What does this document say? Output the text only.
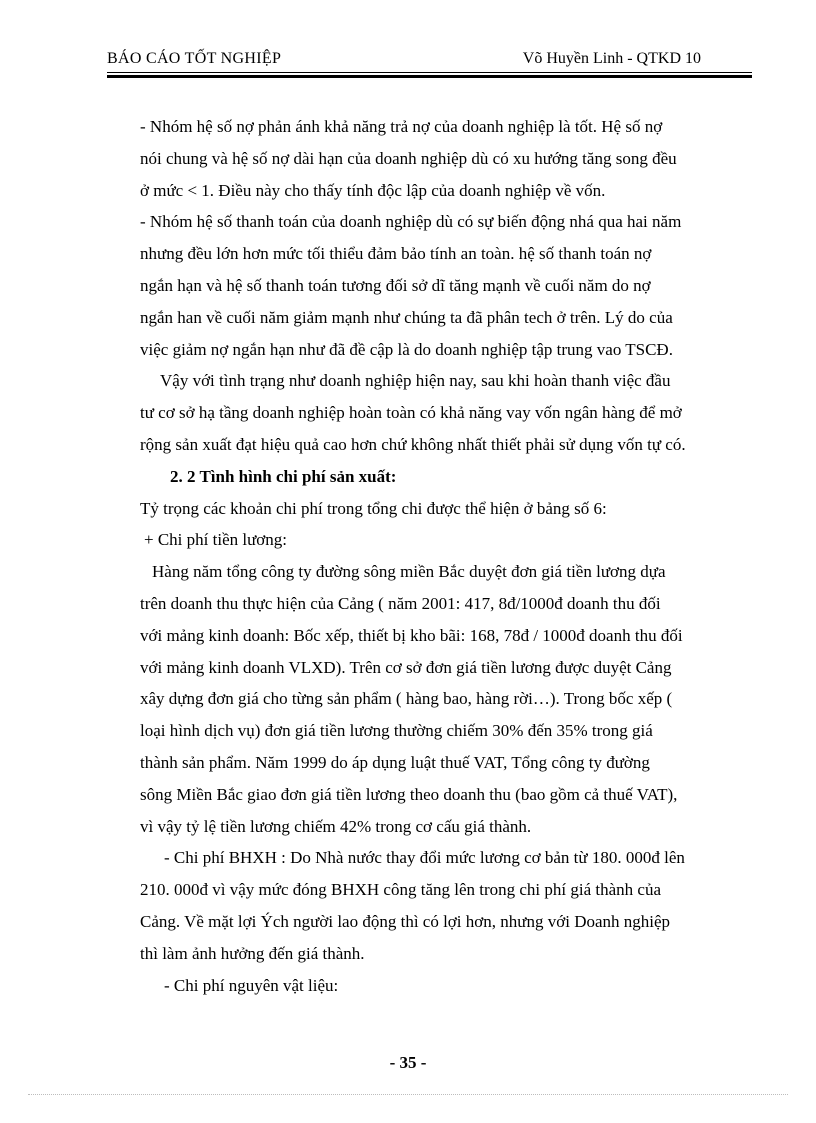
BÁO CÁO TỐT NGHIỆP	Võ Huyền Linh - QTKD 10
- Nhóm hệ số nợ phản ánh khả năng trả nợ của doanh nghiệp là tốt. Hệ số nợ
nói chung và hệ số nợ dài hạn của doanh nghiệp dù có xu hướng tăng song đều
ở mức < 1. Điều này cho thấy tính độc lập của doanh nghiệp về vốn.
- Nhóm hệ số thanh toán của doanh nghiệp dù có sự biến động nhá qua hai năm
nhưng đều lớn hơn mức tối thiểu đảm bảo tính an toàn. hệ số thanh toán nợ
ngắn hạn và hệ số thanh toán tương đối sở dĩ tăng mạnh về cuối năm do nợ
ngắn han về cuối năm giảm mạnh như chúng ta đã phân tech ở trên. Lý do của
việc giảm nợ ngắn hạn như đã đề cập là do doanh nghiệp tập trung vao TSCĐ.
Vậy với tình trạng như doanh nghiệp hiện nay, sau khi hoàn thanh việc đầu
tư cơ sở hạ tầng doanh nghiệp hoàn toàn có khả năng vay vốn ngân hàng để mở
rộng sản xuất đạt hiệu quả cao hơn chứ không nhất thiết phải sử dụng vốn tự có.
2. 2 Tình hình chi phí sản xuất:
Tỷ trọng các khoản chi phí trong tổng chi được thể hiện ở bảng số 6:
+ Chi phí tiền lương:
Hàng năm tổng công ty đường sông miền Bắc duyệt đơn giá tiền lương dựa
trên doanh thu thực hiện của Cảng ( năm 2001: 417, 8đ/1000đ doanh thu đối
với mảng kinh doanh: Bốc xếp, thiết bị kho bãi: 168, 78đ / 1000đ doanh thu đối
với mảng kinh doanh VLXD). Trên cơ sở đơn giá tiền lương được duyệt Cảng
xây dựng đơn giá cho từng sản phẩm ( hàng bao, hàng rời…). Trong bốc xếp (
loại hình dịch vụ) đơn giá tiền lương thường chiếm 30% đến 35% trong giá
thành sản phẩm. Năm 1999 do áp dụng luật thuế VAT, Tổng công ty đường
sông Miền Bắc giao đơn giá tiền lương theo doanh thu (bao gồm cả thuế VAT),
vì vậy tỷ lệ tiền lương chiếm 42% trong cơ cấu giá thành.
- Chi phí BHXH : Do Nhà nước thay đổi mức lương cơ bản từ 180. 000đ lên
210. 000đ vì vậy mức đóng BHXH công tăng lên trong chi phí giá thành của
Cảng. Về mặt lợi Ých người lao động thì có lợi hơn, nhưng với Doanh nghiệp
thì làm ảnh hưởng đến giá thành.
- Chi phí nguyên vật liệu:
- 35 -
